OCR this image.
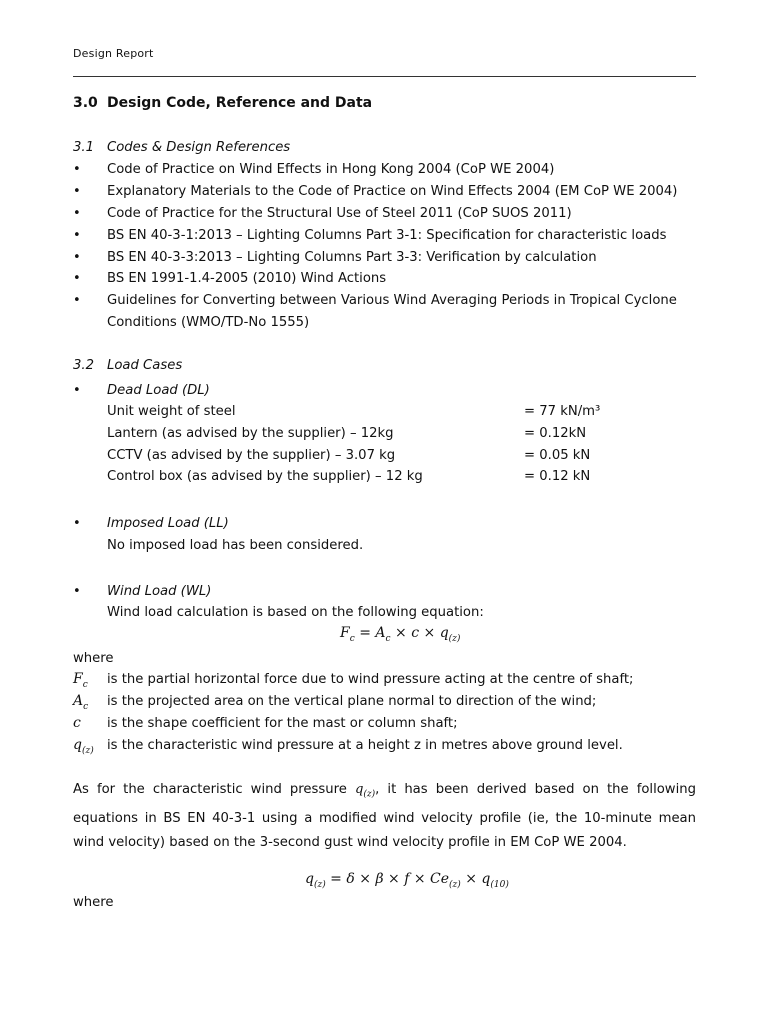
Design Report
3.0 Design Code, Reference and Data
3.1 Codes & Design References
• Code of Practice on Wind Effects in Hong Kong 2004 (CoP WE 2004)
• Explanatory Materials to the Code of Practice on Wind Effects 2004 (EM CoP WE 2004)
• Code of Practice for the Structural Use of Steel 2011 (CoP SUOS 2011)
• BS EN 40-3-1:2013 – Lighting Columns Part 3-1: Specification for characteristic loads
• BS EN 40-3-3:2013 – Lighting Columns Part 3-3: Verification by calculation
• BS EN 1991-1.4-2005 (2010) Wind Actions
• Guidelines for Converting between Various Wind Averaging Periods in Tropical Cyclone
Conditions (WMO/TD-No 1555)
3.2 Load Cases
• Dead Load (DL)
Unit weight of steel	= 77 kN/m³
Lantern (as advised by the supplier) – 12kg	= 0.12kN
CCTV (as advised by the supplier) – 3.07 kg	= 0.05 kN
Control box (as advised by the supplier) – 12 kg	= 0.12 kN
• Imposed Load (LL)
No imposed load has been considered.
• Wind Load (WL)
Wind load calculation is based on the following equation:
$F_c = A_c \times c \times q_{(z)}$
where
$F_c$ is the partial horizontal force due to wind pressure acting at the centre of shaft;
$A_c$ is the projected area on the vertical plane normal to direction of the wind;
c is the shape coefficient for the mast or column shaft;
$q_{(z)}$ is the characteristic wind pressure at a height z in metres above ground level.
As for the characteristic wind pressure $q_{(z)}$, it has been derived based on the following equations in BS EN 40-3-1 using a modified wind velocity profile (ie, the 10-minute mean wind velocity) based on the 3-second gust wind velocity profile in EM CoP WE 2004.
$q_{(z)} = \delta \times \beta \times f \times Ce_{(z)} \times q_{(10)}$
where
